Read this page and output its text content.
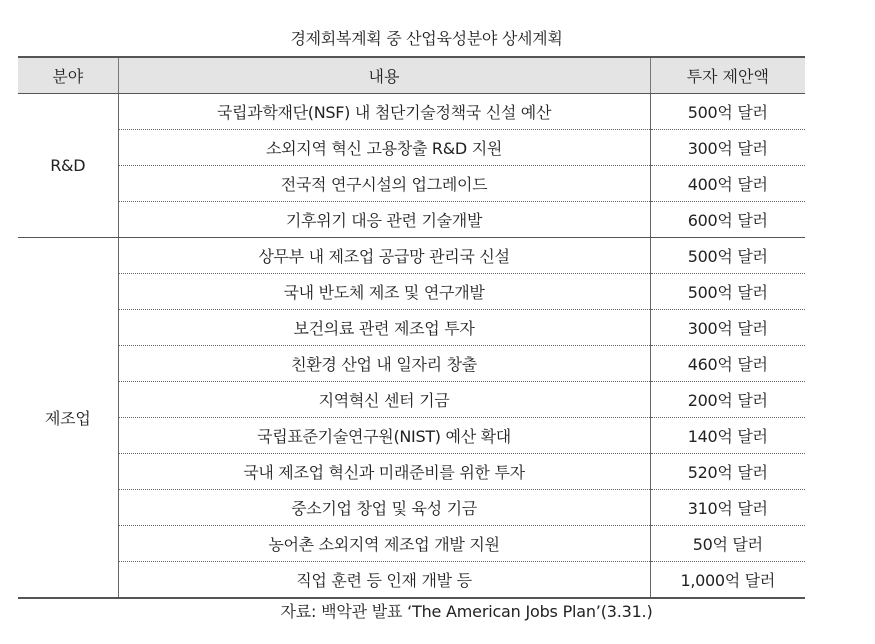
경제회복계획 중 산업육성분야 상세계획
분야	내용	투자 제안액
R&D	국립과학재단(NSF) 내 첨단기술정책국 신설 예산	500억 달러
	소외지역 혁신 고용창출 R&D 지원	300억 달러
	전국적 연구시설의 업그레이드	400억 달러
	기후위기 대응 관련 기술개발	600억 달러
제조업	상무부 내 제조업 공급망 관리국 신설	500억 달러
	국내 반도체 제조 및 연구개발	500억 달러
	보건의료 관련 제조업 투자	300억 달러
	친환경 산업 내 일자리 창출	460억 달러
	지역혁신 센터 기금	200억 달러
	국립표준기술연구원(NIST) 예산 확대	140억 달러
	국내 제조업 혁신과 미래준비를 위한 투자	520억 달러
	중소기업 창업 및 육성 기금	310억 달러
	농어촌 소외지역 제조업 개발 지원	50억 달러
	직업 훈련 등 인재 개발 등	1,000억 달러
자료: 백악관 발표 ‘The American Jobs Plan’(3.31.)
